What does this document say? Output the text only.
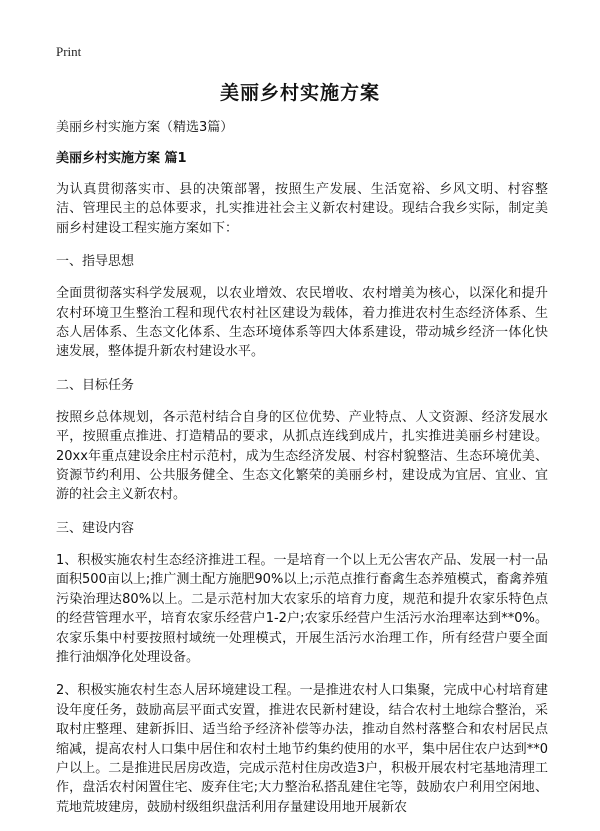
Print
美丽乡村实施方案
美丽乡村实施方案（精选3篇）
美丽乡村实施方案 篇1
为认真贯彻落实市、县的决策部署，按照生产发展、生活宽裕、乡风文明、村容整洁、管理民主的总体要求，扎实推进社会主义新农村建设。现结合我乡实际，制定美丽乡村建设工程实施方案如下：
一、指导思想
全面贯彻落实科学发展观，以农业增效、农民增收、农村增美为核心，以深化和提升农村环境卫生整治工程和现代农村社区建设为载体，着力推进农村生态经济体系、生态人居体系、生态文化体系、生态环境体系等四大体系建设，带动城乡经济一体化快速发展，整体提升新农村建设水平。
二、目标任务
按照乡总体规划，各示范村结合自身的区位优势、产业特点、人文资源、经济发展水平，按照重点推进、打造精品的要求，从抓点连线到成片，扎实推进美丽乡村建设。20xx年重点建设余庄村示范村，成为生态经济发展、村容村貌整洁、生态环境优美、资源节约利用、公共服务健全、生态文化繁荣的美丽乡村，建设成为宜居、宜业、宜游的社会主义新农村。
三、建设内容
1、积极实施农村生态经济推进工程。一是培育一个以上无公害农产品、发展一村一品面积500亩以上;推广测土配方施肥90%以上;示范点推行畜禽生态养殖模式，畜禽养殖污染治理达80%以上。二是示范村加大农家乐的培育力度，规范和提升农家乐特色点的经营管理水平，培育农家乐经营户1-2户;农家乐经营户生活污水治理率达到**0%。农家乐集中村要按照村域统一处理模式，开展生活污水治理工作，所有经营户要全面推行油烟净化处理设备。
2、积极实施农村生态人居环境建设工程。一是推进农村人口集聚，完成中心村培育建设年度任务，鼓励高层平面式安置，推进农民新村建设，结合农村土地综合整治，采取村庄整理、建新拆旧、适当给予经济补偿等办法，推动自然村落整合和农村居民点缩减，提高农村人口集中居住和农村土地节约集约使用的水平，集中居住农户达到**0户以上。二是推进民居房改造，完成示范村住房改造3户，积极开展农村宅基地清理工作，盘活农村闲置住宅、废弃住宅;大力整治私搭乱建住宅等，鼓励农户利用空闲地、荒地荒坡建房，鼓励村级组织盘活利用存量建设用地开展新农
